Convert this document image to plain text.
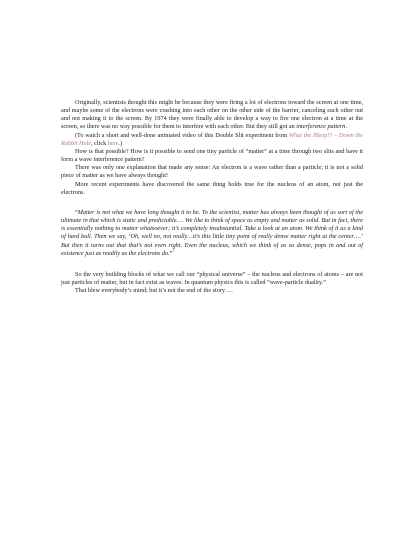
Originally, scientists thought this might be because they were firing a lot of electrons toward the screen at one time, and maybe some of the electrons were crashing into each other on the other side of the barrier, canceling each other out and not making it to the screen. By 1974 they were finally able to develop a way to fire one electron at a time at the screen, so there was no way possible for them to interfere with each other. But they still got an interference pattern.

(To watch a short and well-done animated video of this Double Slit experiment from What the Bleep!? – Down the Rabbit Hole, click here.)

How is that possible? How is it possible to send one tiny particle of “matter” at a time through two slits and have it form a wave interference pattern?

There was only one explanation that made any sense: An electron is a wave rather than a particle; it is not a solid piece of matter as we have always thought!

More recent experiments have discovered the same thing holds true for the nucleus of an atom, not just the electrons.

“Matter is not what we have long thought it to be. To the scientist, matter has always been thought of as sort of the ultimate in that which is static and predictable…. We like to think of space as empty and matter as solid. But in fact, there is essentially nothing to matter whatsoever; it’s completely insubstantial. Take a look at an atom. We think of it as a kind of hard ball. Then we say, ‘Oh, well no, not really…it’s this little tiny point of really dense matter right at the center….’ But then it turns out that that’s not even right. Even the nucleus, which we think of as so dense, pops in and out of existence just as readily as the electrons do.”$^1$

So the very building blocks of what we call our “physical universe” – the nucleus and electrons of atoms – are not just particles of matter, but in fact exist as waves. In quantum physics this is called “wave-particle duality.”

That blew everybody’s mind; but it’s not the end of the story….
